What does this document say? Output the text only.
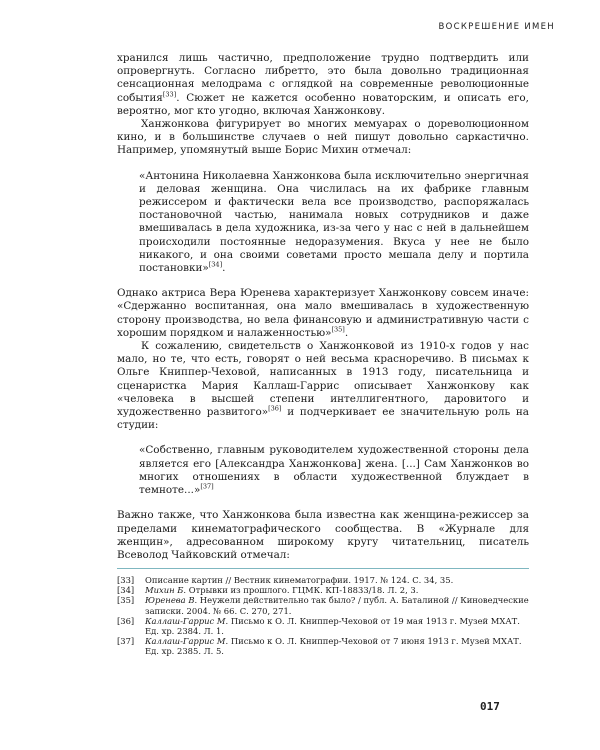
ВОСКРЕШЕНИЕ ИМЕН

хранился лишь частично, предположение трудно подтвердить или опровергнуть. Согласно либретто, это была довольно традиционная сенсационная мелодрама с оглядкой на современные революционные события[33]. Сюжет не кажется особенно новаторским, и описать его, вероятно, мог кто угодно, включая Ханжонкову.

Ханжонкова фигурирует во многих мемуарах о дореволюционном кино, и в большинстве случаев о ней пишут довольно саркастично. Например, упомянутый выше Борис Михин отмечал:

«Антонина Николаевна Ханжонкова была исключительно энергичная и деловая женщина. Она числилась на их фабрике главным режиссером и фактически вела все производство, распоряжалась постановочной частью, нанимала новых сотрудников и даже вмешивалась в дела художника, из-за чего у нас с ней в дальнейшем происходили постоянные недоразумения. Вкуса у нее не было никакого, и она своими советами просто мешала делу и портила постановки»[34].

Однако актриса Вера Юренева характеризует Ханжонкову совсем иначе: «Сдержанно воспитанная, она мало вмешивалась в художественную сторону производства, но вела финансовую и административную части с хорошим порядком и налаженностью»[35].

К сожалению, свидетельств о Ханжонковой из 1910-х годов у нас мало, но те, что есть, говорят о ней весьма красноречиво. В письмах к Ольге Книппер-Чеховой, написанных в 1913 году, писательница и сценаристка Мария Каллаш-Гаррис описывает Ханжонкову как «человека в высшей степени интеллигентного, даровитого и художественно развитого»[36] и подчеркивает ее значительную роль на студии:

«Собственно, главным руководителем художественной стороны дела является его [Александра Ханжонкова] жена. [...] Сам Ханжонков во многих отношениях в области художественной блуждает в темноте...»[37]

Важно также, что Ханжонкова была известна как женщина-режиссер за пределами кинематографического сообщества. В «Журнале для женщин», адресованном широкому кругу читательниц, писатель Всеволод Чайковский отмечал:

[33]	Описание картин // Вестник кинематографии. 1917. № 124. С. 34, 35.
[34]	Михин Б. Отрывки из прошлого. ГЦМК. КП-18833/18. Л. 2, 3.
[35]	Юренева В. Неужели действительно так было? / публ. А. Баталиной // Киноведческие записки. 2004. № 66. С. 270, 271.
[36]	Каллаш-Гаррис М. Письмо к О. Л. Книппер-Чеховой от 19 мая 1913 г. Музей МХАТ. Ед. хр. 2384. Л. 1.
[37]	Каллаш-Гаррис М. Письмо к О. Л. Книппер-Чеховой от 7 июня 1913 г. Музей МХАТ. Ед. хр. 2385. Л. 5.
017
